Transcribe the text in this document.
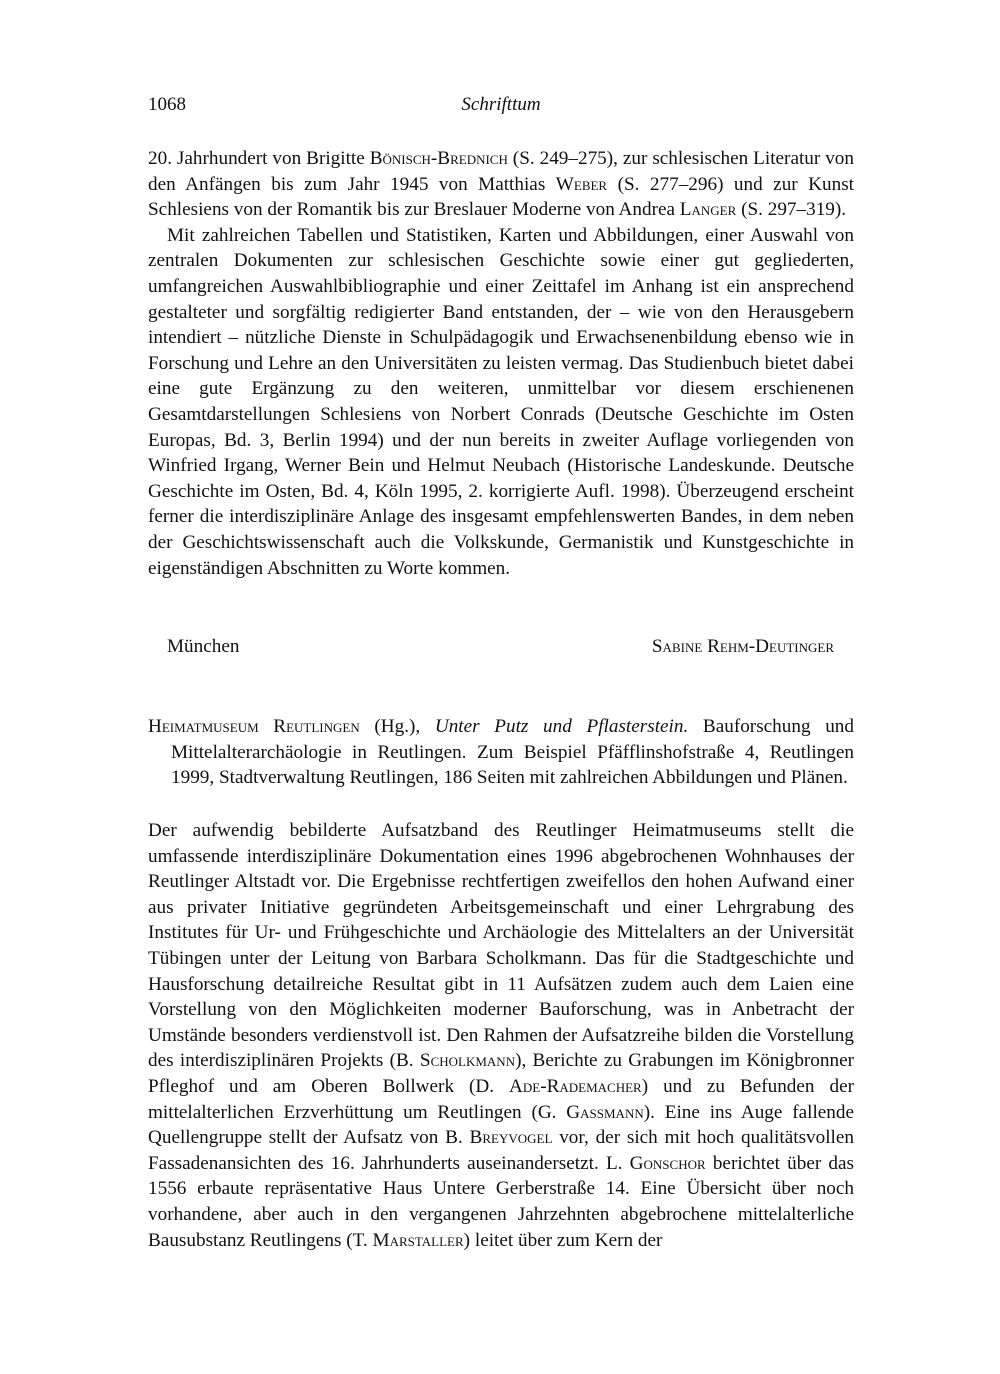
1068	Schrifttum

20. Jahrhundert von Brigitte Bönisch-Brednich (S. 249–275), zur schlesischen Literatur von den Anfängen bis zum Jahr 1945 von Matthias Weber (S. 277–296) und zur Kunst Schlesiens von der Romantik bis zur Breslauer Moderne von Andrea Langer (S. 297–319).

Mit zahlreichen Tabellen und Statistiken, Karten und Abbildungen, einer Auswahl von zentralen Dokumenten zur schlesischen Geschichte sowie einer gut gegliederten, umfangreichen Auswahlbibliographie und einer Zeittafel im Anhang ist ein ansprechend gestalteter und sorgfältig redigierter Band entstanden, der – wie von den Herausgebern intendiert – nützliche Dienste in Schulpädagogik und Erwachsenenbildung ebenso wie in Forschung und Lehre an den Universitäten zu leisten vermag. Das Studienbuch bietet dabei eine gute Ergänzung zu den weiteren, unmittelbar vor diesem erschienenen Gesamtdarstellungen Schlesiens von Norbert Conrads (Deutsche Geschichte im Osten Europas, Bd. 3, Berlin 1994) und der nun bereits in zweiter Auflage vorliegenden von Winfried Irgang, Werner Bein und Helmut Neubach (Historische Landeskunde. Deutsche Geschichte im Osten, Bd. 4, Köln 1995, 2. korrigierte Aufl. 1998). Überzeugend erscheint ferner die interdisziplinäre Anlage des insgesamt empfehlenswerten Bandes, in dem neben der Geschichtswissenschaft auch die Volkskunde, Germanistik und Kunstgeschichte in eigenständigen Abschnitten zu Worte kommen.

München	Sabine Rehm-Deutinger
Heimatmuseum Reutlingen (Hg.), Unter Putz und Pflasterstein. Bauforschung und Mittelalterarchäologie in Reutlingen. Zum Beispiel Pfäfflinshofstraße 4, Reutlingen 1999, Stadtverwaltung Reutlingen, 186 Seiten mit zahlreichen Abbildungen und Plänen.

Der aufwendig bebilderte Aufsatzband des Reutlinger Heimatmuseums stellt die umfassende interdisziplinäre Dokumentation eines 1996 abgebrochenen Wohnhauses der Reutlinger Altstadt vor. Die Ergebnisse rechtfertigen zweifellos den hohen Aufwand einer aus privater Initiative gegründeten Arbeitsgemeinschaft und einer Lehrgrabung des Institutes für Ur- und Frühgeschichte und Archäologie des Mittelalters an der Universität Tübingen unter der Leitung von Barbara Scholkmann. Das für die Stadtgeschichte und Hausforschung detailreiche Resultat gibt in 11 Aufsätzen zudem auch dem Laien eine Vorstellung von den Möglichkeiten moderner Bauforschung, was in Anbetracht der Umstände besonders verdienstvoll ist. Den Rahmen der Aufsatzreihe bilden die Vorstellung des interdisziplinären Projekts (B. Scholkmann), Berichte zu Grabungen im Königbronner Pfleghof und am Oberen Bollwerk (D. Ade-Rademacher) und zu Befunden der mittelalterlichen Erzverhüttung um Reutlingen (G. Gassmann). Eine ins Auge fallende Quellengruppe stellt der Aufsatz von B. Breyvogel vor, der sich mit hoch qualitätsvollen Fassadenansichten des 16. Jahrhunderts auseinandersetzt. L. Gonschor berichtet über das 1556 erbaute repräsentative Haus Untere Gerberstraße 14. Eine Übersicht über noch vorhandene, aber auch in den vergangenen Jahrzehnten abgebrochene mittelalterliche Bausubstanz Reutlingens (T. Marstaller) leitet über zum Kern der
